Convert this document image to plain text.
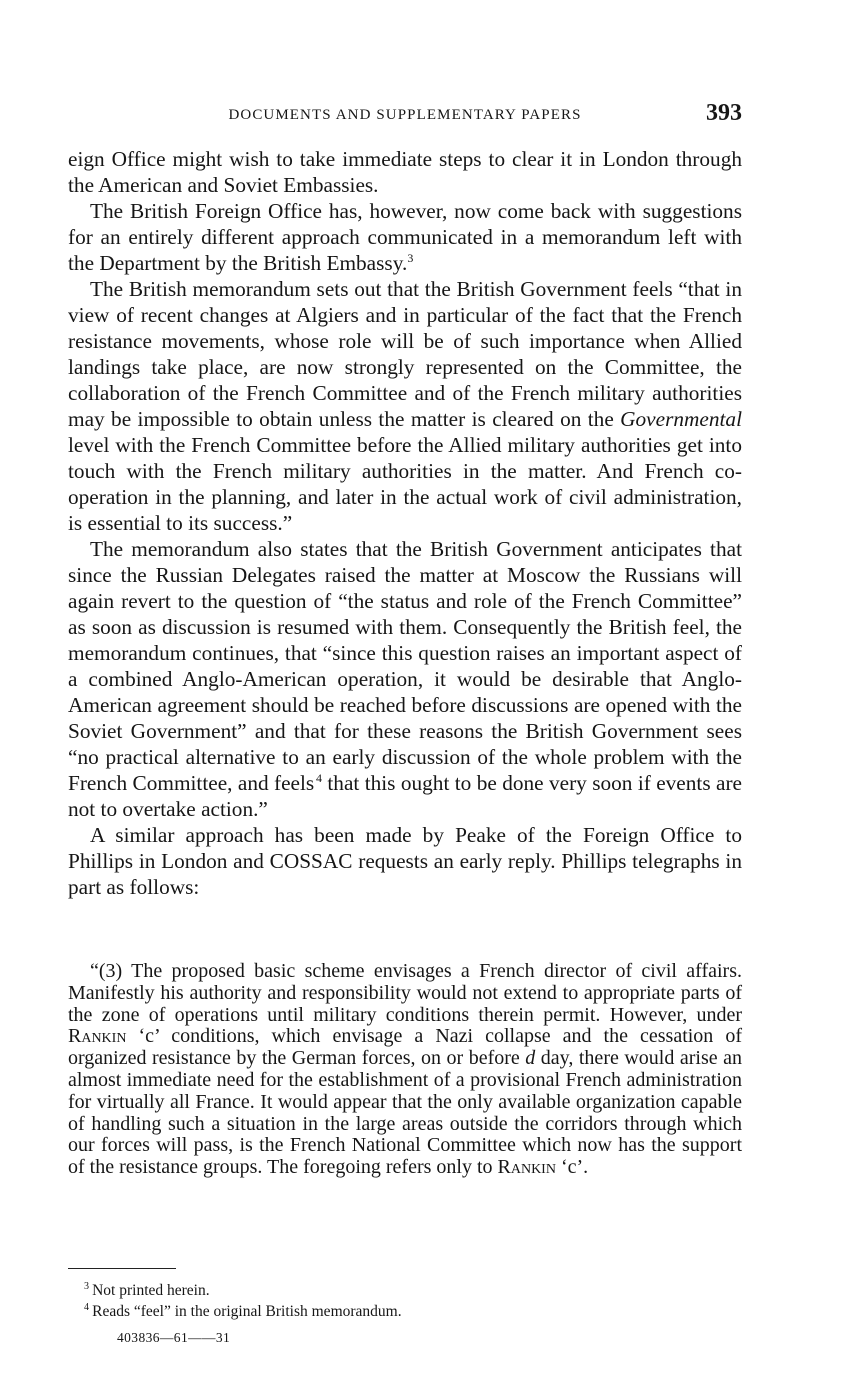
DOCUMENTS AND SUPPLEMENTARY PAPERS	393

eign Office might wish to take immediate steps to clear it in London through the American and Soviet Embassies.

The British Foreign Office has, however, now come back with suggestions for an entirely different approach communicated in a memorandum left with the Department by the British Embassy.$^3$

The British memorandum sets out that the British Government feels “that in view of recent changes at Algiers and in particular of the fact that the French resistance movements, whose role will be of such importance when Allied landings take place, are now strongly represented on the Committee, the collaboration of the French Committee and of the French military authorities may be impossible to obtain unless the matter is cleared on the Governmental level with the French Committee before the Allied military authorities get into touch with the French military authorities in the matter. And French co-operation in the planning, and later in the actual work of civil administration, is essential to its success.”

The memorandum also states that the British Government anticipates that since the Russian Delegates raised the matter at Moscow the Russians will again revert to the question of “the status and role of the French Committee” as soon as discussion is resumed with them. Consequently the British feel, the memorandum continues, that “since this question raises an important aspect of a combined Anglo-American operation, it would be desirable that Anglo-American agreement should be reached before discussions are opened with the Soviet Government” and that for these reasons the British Government sees “no practical alternative to an early discussion of the whole problem with the French Committee, and feels  $^4$ that this ought to be done very soon if events are not to overtake action.”

A similar approach has been made by Peake of the Foreign Office to Phillips in London and COSSAC requests an early reply. Phillips telegraphs in part as follows:

“(3) The proposed basic scheme envisages a French director of civil affairs. Manifestly his authority and responsibility would not extend to appropriate parts of the zone of operations until military conditions therein permit. However, under Rankin ‘c’ conditions, which envisage a Nazi collapse and the cessation of organized resistance by the German forces, on or before d day, there would arise an almost immediate need for the establishment of a provisional French administration for virtually all France. It would appear that the only available organization capable of handling such a situation in the large areas outside the corridors through which our forces will pass, is the French National Committee which now has the support of the resistance groups. The foregoing refers only to Rankin ‘c’.

$^3$  Not printed herein.

$^4$  Reads “feel” in the original British memorandum.

403836—61——31
